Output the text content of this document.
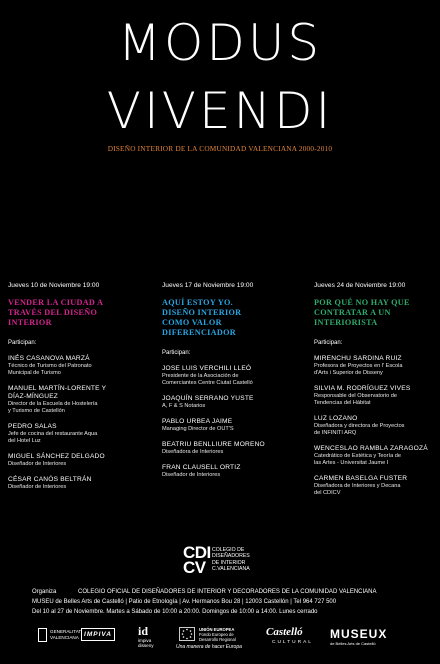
MODUS
VIVENDI
DISEÑO INTERIOR DE LA COMUNIDAD VALENCIANA 2000-2010
Jueves 10 de Noviembre 19:00
VENDER LA CIUDAD A
TRAVÉS DEL DISEÑO
INTERIOR
Participan:
INÉS CASANOVA MARZÁ
Técnico de Turismo del Patronato
Municipal de Turismo
MANUEL MARTÍN-LORENTE Y
DÍAZ-MÍNGUEZ
Director de la Escuela de Hostelería
y Turismo de Castellón
PEDRO SALAS
Jefe de cocina del restaurante Aqua
del Hotel Luz
MIGUEL SÁNCHEZ DELGADO
Diseñador de Interiores
CÉSAR CANÓS BELTRÁN
Diseñador de Interiores
Jueves 17 de Noviembre 19:00
AQUÍ ESTOY YO.
DISEÑO INTERIOR
COMO VALOR
DIFERENCIADOR
Participan:
JOSE LUIS VERCHILI LLEÓ
Presidente de la Asociación de
Comerciantes Centre Ciutat Castelló
JOAQUÍN SERRANO YUSTE
A, F & S Notarios
PABLO URBEA JAIME
Managing Director de OUT'S
BEATRIU BENLLIURE MORENO
Diseñadora de Interiores
FRAN CLAUSELL ORTIZ
Diseñador de Interiores
Jueves 24 de Noviembre 19:00
POR QUÉ NO HAY QUE
CONTRATAR A UN
INTERIORISTA
Participan:
MIRENCHU SARDINA RUIZ
Profesora de Proyectos en l' Escola
d'Arts i Superior de Disseny
SILVIA M. RODRÍGUEZ VIVES
Responsable del Observatorio de
Tendencias del Hábitat
LUZ LOZANO
Diseñadora y directora de Proyectos
de INFINITI ARQ
WENCESLAO RAMBLA ZARAGOZÁ
Catedrático de Estética y Teoría de
las Artes - Universitat Jaume I
CARMEN BASELGA FUSTER
Diseñadora de Interiores y Decana
del CDICV
CDI
CV
COLEGIO DE
DISEÑADORES
DE INTERIOR
C.VALENCIANA
Organiza	COLEGIO OFICIAL DE DISEÑADORES DE INTERIOR Y DECORADORES DE LA COMUNIDAD VALENCIANA
MUSEU de Belles Arts de Castelló | Patio de Etnología | Av. Hermanos Bou 28 | 12003 Castellón | Tel 964 727 500
Del 10 al 27 de Noviembre. Martes a Sábado de 10:00 a 20:00. Domingos de 10:00 a 14:00. Lunes cerrado
GENERALITAT
VALENCIANA IMPIVA id
impiva
disseny
UNIÓN EUROPEA
Fondo Europeo de
Desarrollo Regional
Una manera de hacer Europa
Castelló
CULTURAL
MUSEUX
de Belles Arts de Castelló
